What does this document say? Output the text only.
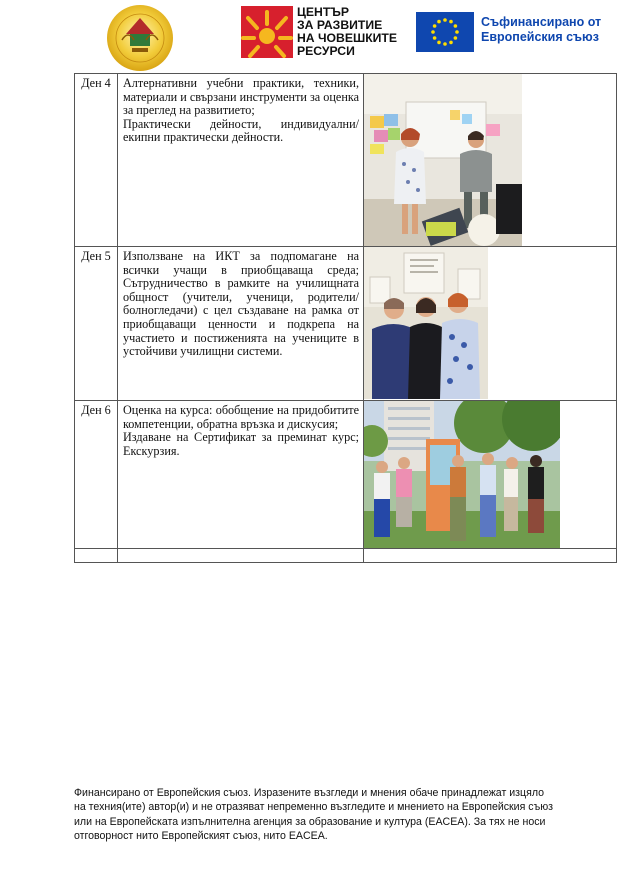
ЦЕНТЪР
ЗА РАЗВИТИЕ
НА ЧОВЕШКИТЕ
РЕСУРСИ
Съфинансирано от
Европейския съюз
Ден 4	Алтернативни учебни практики, техники, материали и свързани инструменти за оценка за преглед на развитието;

Практически дейности, индивидуални/екипни практически дейности.

Ден 5	Използване на ИКТ за подпомагане на всички учащи в приобщаваща среда; Сътрудничество в рамките на училищната общност (учители, ученици, родители/болногледачи) с цел създаване на рамка от приобщаващи ценности и подкрепа на участието и постиженията на учениците в устойчиви училищни системи.

Ден 6	Оценка на курса: обобщение на придобитите компетенции, обратна връзка и дискусия;

Издаване на Сертификат за преминат курс; Екскурзия.

Финансирано от Европейския съюз. Изразените възгледи и мнения обаче принадлежат изцяло на техния(ите) автор(и) и не отразяват непременно възгледите и мнението на Европейския съюз или на Европейската изпълнителна агенция за образование и култура (EACEA). За тях не носи отговорност нито Европейският съюз, нито EACEA.
